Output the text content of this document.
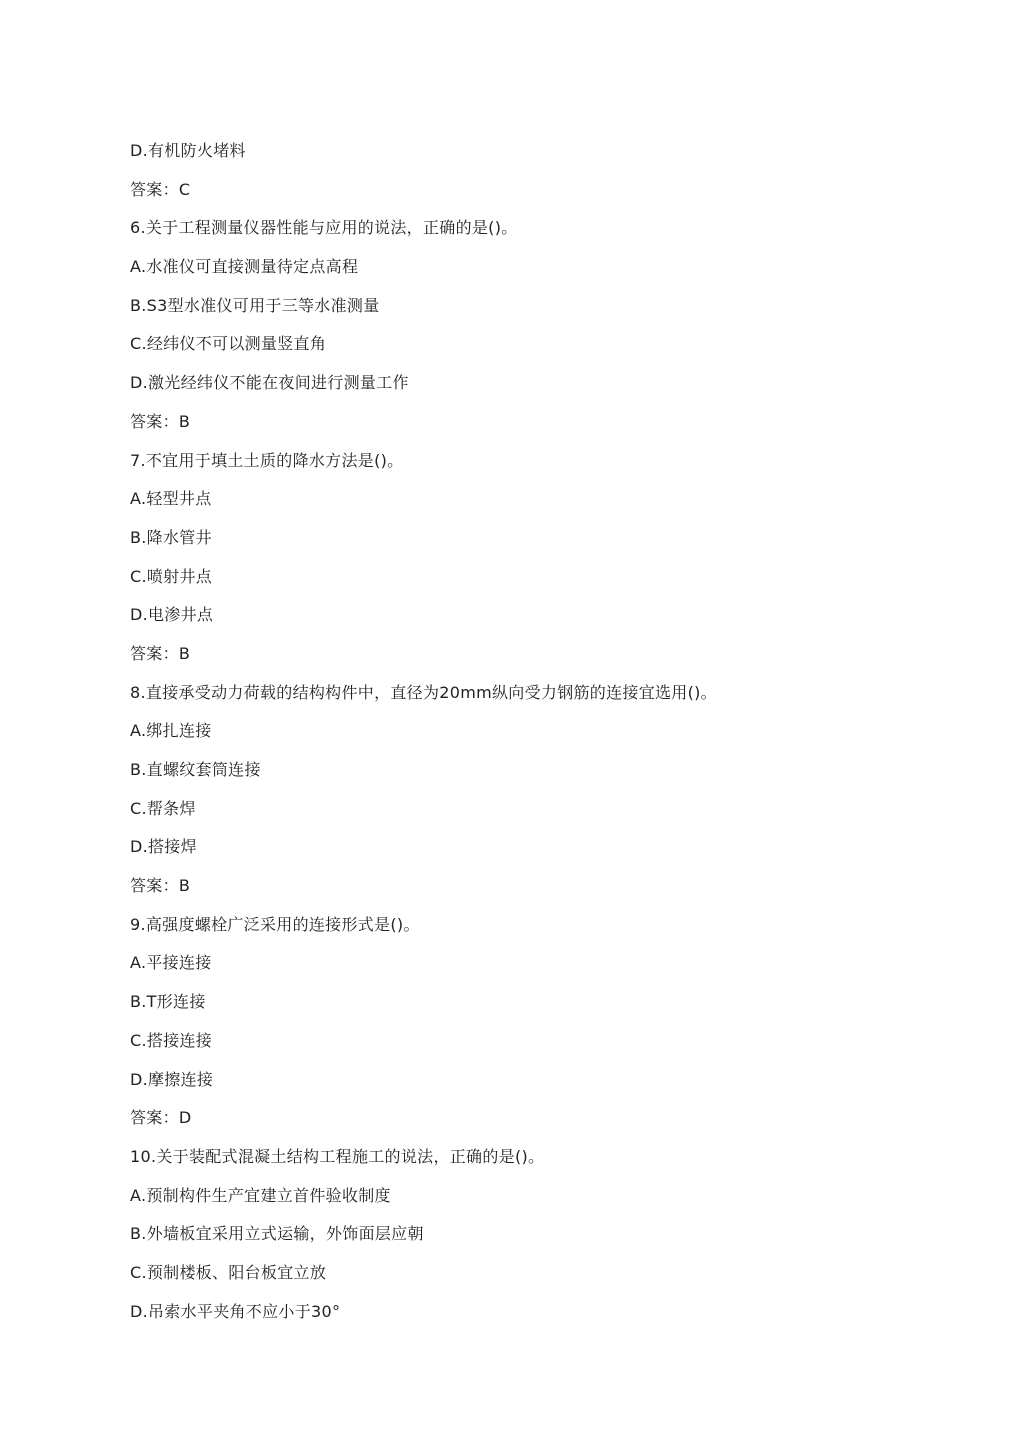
D.有机防火堵料
答案：C
6.关于工程测量仪器性能与应用的说法，正确的是()。
A.水准仪可直接测量待定点高程
B.S3型水准仪可用于三等水准测量
C.经纬仪不可以测量竖直角
D.激光经纬仪不能在夜间进行测量工作
答案：B
7.不宜用于填土土质的降水方法是()。
A.轻型井点
B.降水管井
C.喷射井点
D.电渗井点
答案：B
8.直接承受动力荷载的结构构件中，直径为20mm纵向受力钢筋的连接宜选用()。
A.绑扎连接
B.直螺纹套筒连接
C.帮条焊
D.搭接焊
答案：B
9.高强度螺栓广泛采用的连接形式是()。
A.平接连接
B.T形连接
C.搭接连接
D.摩擦连接
答案：D
10.关于装配式混凝土结构工程施工的说法，正确的是()。
A.预制构件生产宜建立首件验收制度
B.外墙板宜采用立式运输，外饰面层应朝
C.预制楼板、阳台板宜立放
D.吊索水平夹角不应小于30°
